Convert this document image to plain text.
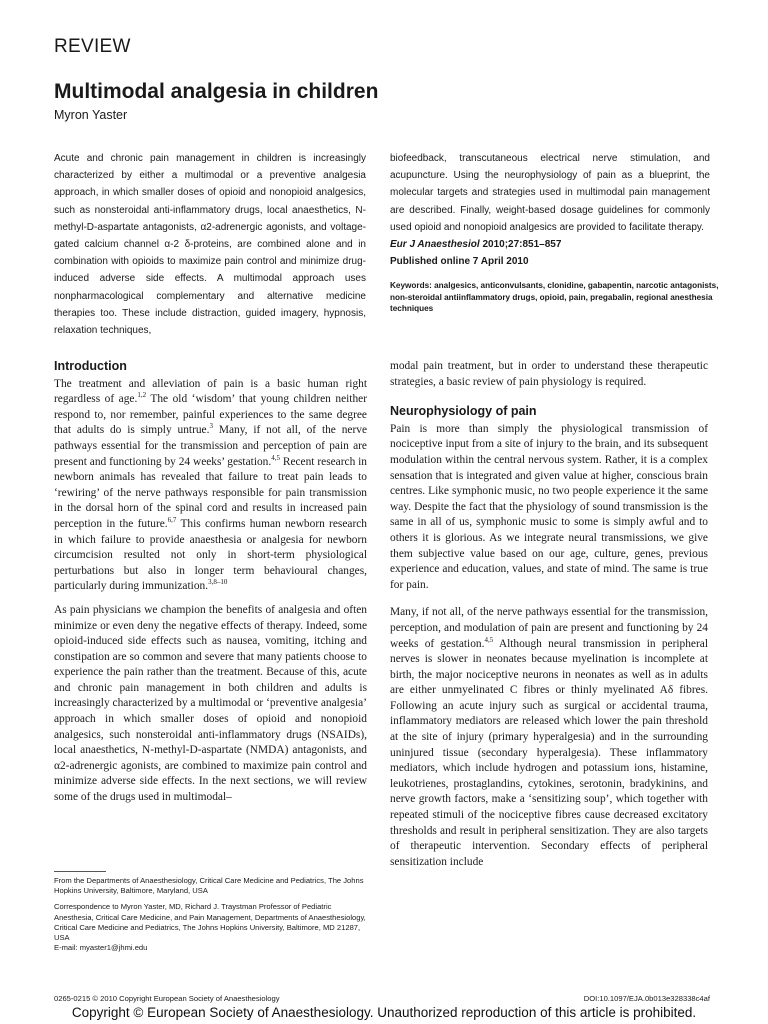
REVIEW
Multimodal analgesia in children
Myron Yaster
Acute and chronic pain management in children is increasingly characterized by either a multimodal or a preventive analgesia approach, in which smaller doses of opioid and nonopioid analgesics, such as nonsteroidal anti-inflammatory drugs, local anaesthetics, N-methyl-D-aspartate antagonists, α2-adrenergic agonists, and voltage-gated calcium channel α-2 δ-proteins, are combined alone and in combination with opioids to maximize pain control and minimize drug-induced adverse side effects. A multimodal approach uses nonpharmacological complementary and alternative medicine therapies too. These include distraction, guided imagery, hypnosis, relaxation techniques,
biofeedback, transcutaneous electrical nerve stimulation, and acupuncture. Using the neurophysiology of pain as a blueprint, the molecular targets and strategies used in multimodal pain management are described. Finally, weight-based dosage guidelines for commonly used opioid and nonopioid analgesics are provided to facilitate therapy.
Eur J Anaesthesiol 2010;27:851–857
Published online 7 April 2010
Keywords: analgesics, anticonvulsants, clonidine, gabapentin, narcotic antagonists, non-steroidal antiinflammatory drugs, opioid, pain, pregabalin, regional anesthesia techniques
Introduction

The treatment and alleviation of pain is a basic human right regardless of age.$^{1,2}$ The old ‘wisdom’ that young children neither respond to, nor remember, painful experiences to the same degree that adults do is simply untrue.$^3$ Many, if not all, of the nerve pathways essential for the transmission and perception of pain are present and functioning by 24 weeks’ gestation.$^{4,5}$ Recent research in newborn animals has revealed that failure to treat pain leads to ‘rewiring’ of the nerve pathways responsible for pain transmission in the dorsal horn of the spinal cord and results in increased pain perception in the future.$^{6,7}$ This confirms human newborn research in which failure to provide anaesthesia or analgesia for newborn circumcision resulted not only in short-term physiological perturbations but also in longer term behavioural changes, particularly during immunization.$^{3,8-10}$

As pain physicians we champion the benefits of analgesia and often minimize or even deny the negative effects of therapy. Indeed, some opioid-induced side effects such as nausea, vomiting, itching and constipation are so common and severe that many patients choose to experience the pain rather than the treatment. Because of this, acute and chronic pain management in both children and adults is increasingly characterized by a multimodal or ‘preventive analgesia’ approach in which smaller doses of opioid and nonopioid analgesics, such nonsteroidal anti-inflammatory drugs (NSAIDs), local anaesthetics, N-methyl-D-aspartate (NMDA) antagonists, and α2-adrenergic agonists, are combined to maximize pain control and minimize adverse side effects. In the next sections, we will review some of the drugs used in multimodal–

modal pain treatment, but in order to understand these therapeutic strategies, a basic review of pain physiology is required.

Neurophysiology of pain

Pain is more than simply the physiological transmission of nociceptive input from a site of injury to the brain, and its subsequent modulation within the central nervous system. Rather, it is a complex sensation that is integrated and given value at higher, conscious brain centres. Like symphonic music, no two people experience it the same way. Despite the fact that the physiology of sound transmission is the same in all of us, symphonic music to some is simply awful and to others it is glorious. As we integrate neural transmissions, we give them subjective value based on our age, culture, genes, previous experience and education, values, and state of mind. The same is true for pain.

Many, if not all, of the nerve pathways essential for the transmission, perception, and modulation of pain are present and functioning by 24 weeks of gestation.$^{4,5}$ Although neural transmission in peripheral nerves is slower in neonates because myelination is incomplete at birth, the major nociceptive neurons in neonates as well as in adults are either unmyelinated C fibres or thinly myelinated Aδ fibres. Following an acute injury such as surgical or accidental trauma, inflammatory mediators are released which lower the pain threshold at the site of injury (primary hyperalgesia) and in the surrounding uninjured tissue (secondary hyperalgesia). These inflammatory mediators, which include hydrogen and potassium ions, histamine, leukotrienes, prostaglandins, cytokines, serotonin, bradykinins, and nerve growth factors, make a ‘sensitizing soup’, which together with repeated stimuli of the nociceptive fibres cause decreased excitatory thresholds and result in peripheral sensitization. They are also targets of therapeutic intervention. Secondary effects of peripheral sensitization include

From the Departments of Anaesthesiology, Critical Care Medicine and Pediatrics, The Johns Hopkins University, Baltimore, Maryland, USA

Correspondence to Myron Yaster, MD, Richard J. Traystman Professor of Pediatric Anesthesia, Critical Care Medicine, and Pain Management, Departments of Anaesthesiology, Critical Care Medicine and Pediatrics, The Johns Hopkins University, Baltimore, MD 21287, USA

E-mail: myaster1@jhmi.edu

0265-0215 © 2010 Copyright European Society of Anaesthesiology	DOI:10.1097/EJA.0b013e328338c4af
Copyright © European Society of Anaesthesiology. Unauthorized reproduction of this article is prohibited.
